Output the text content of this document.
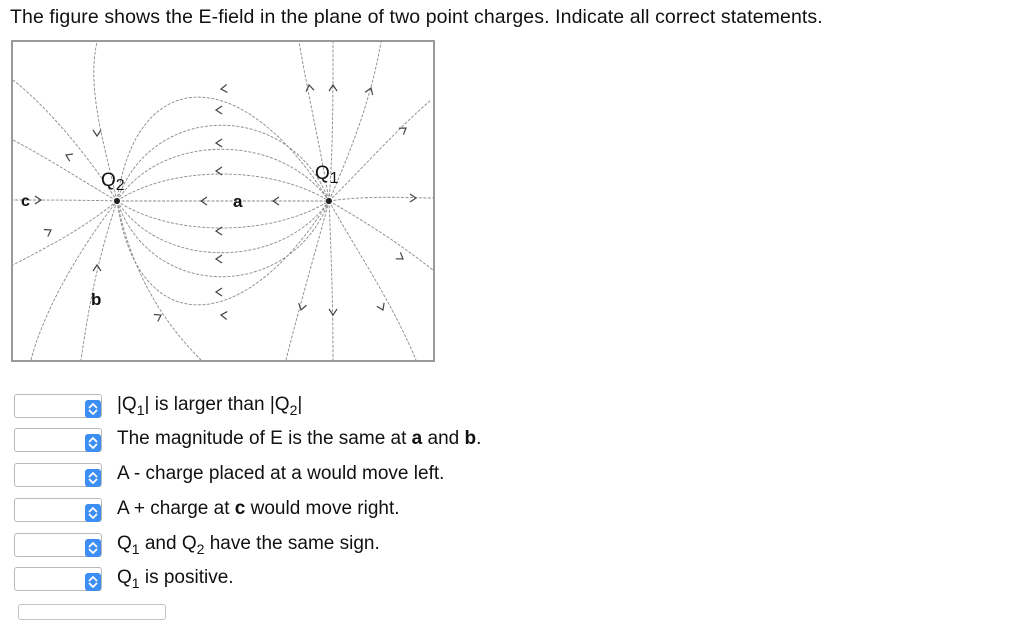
The figure shows the E-field in the plane of two point charges. Indicate all correct statements.
$Q_2$
$Q_1$
a
b
c
$|Q_1|$ is larger than $|Q_2|$
The magnitude of E is the same at a and b.
A - charge placed at a would move left.
A + charge at c would move right.
$Q_1$ and $Q_2$ have the same sign.
$Q_1$ is positive.
